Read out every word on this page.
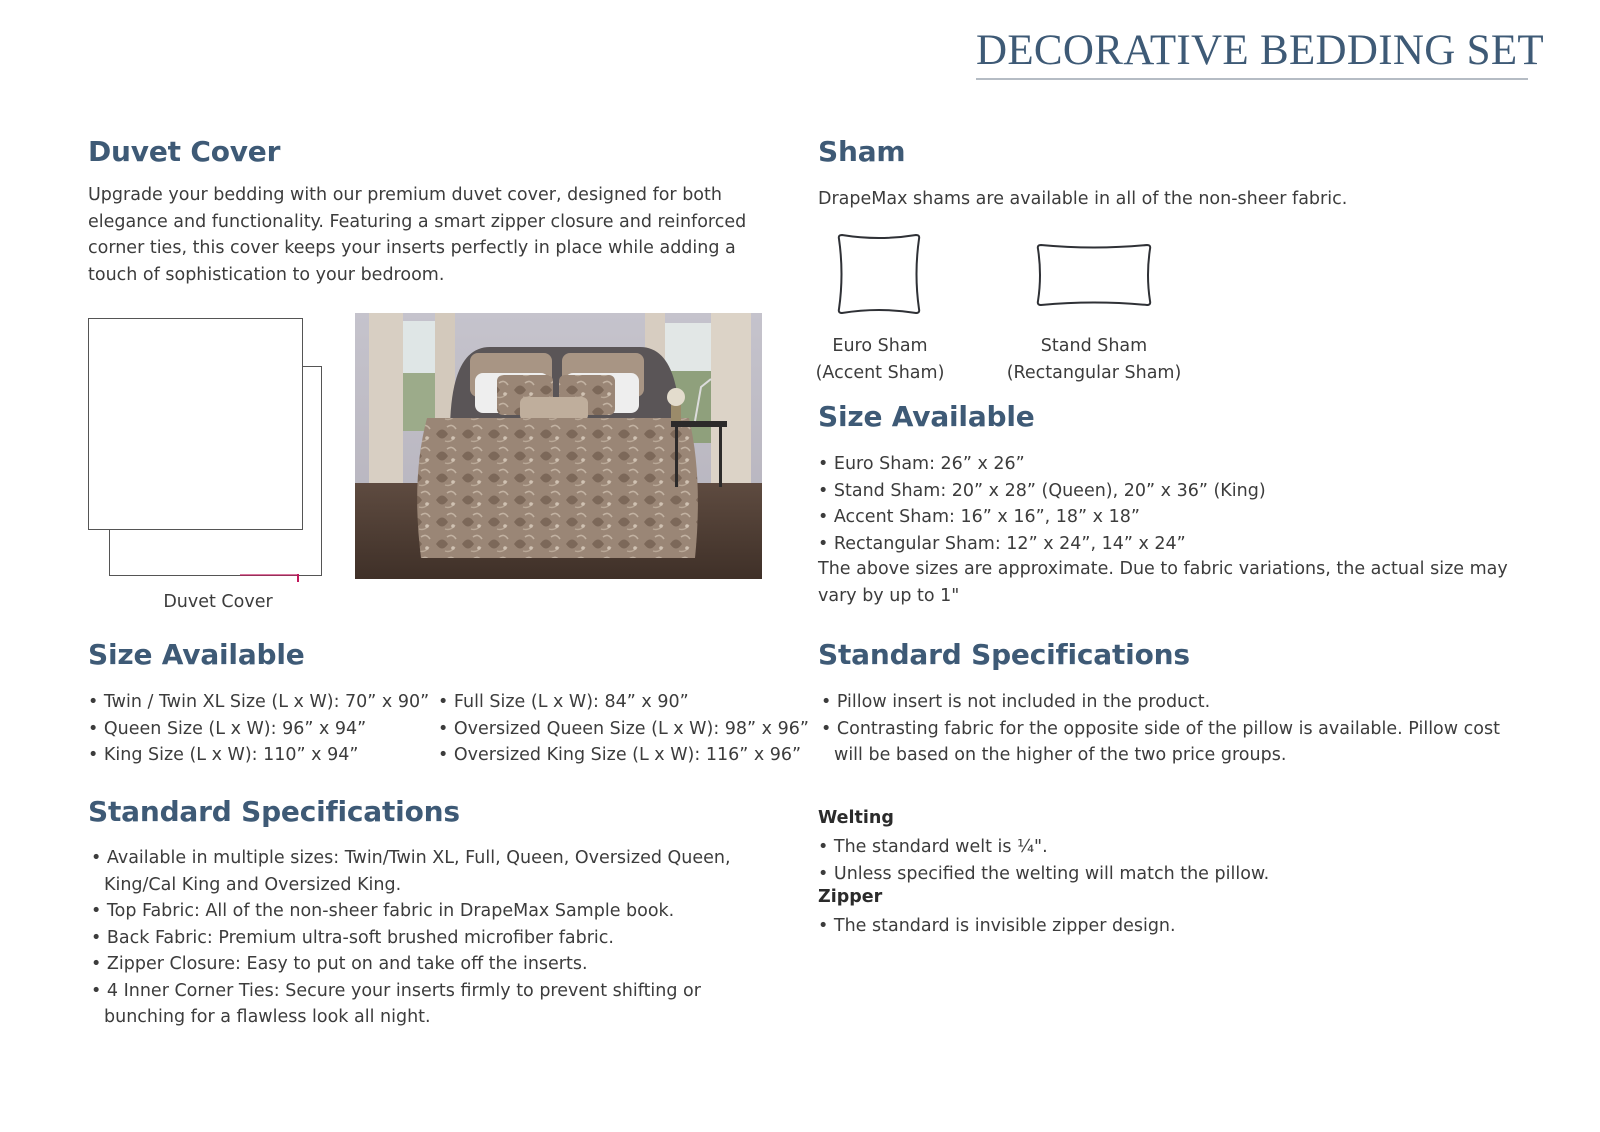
DECORATIVE BEDDING SET
Duvet Cover
Upgrade your bedding with our premium duvet cover, designed for both elegance and functionality. Featuring a smart zipper closure and reinforced corner ties, this cover keeps your inserts perfectly in place while adding a touch of sophistication to your bedroom.
Duvet Cover
Size Available
• Twin / Twin XL Size (L x W): 70” x 90”
• Queen Size (L x W): 96” x 94”
• King Size (L x W): 110” x 94”
• Full Size (L x W): 84” x 90”
• Oversized Queen Size (L x W): 98” x 96”
• Oversized King Size (L x W): 116” x 96”
Standard Specifications
• Available in multiple sizes: Twin/Twin XL, Full, Queen, Oversized Queen, King/Cal King and Oversized King.
• Top Fabric: All of the non-sheer fabric in DrapeMax Sample book.
• Back Fabric: Premium ultra-soft brushed microfiber fabric.
• Zipper Closure: Easy to put on and take off the inserts.
• 4 Inner Corner Ties: Secure your inserts firmly to prevent shifting or bunching for a flawless look all night.
Sham
DrapeMax shams are available in all of the non-sheer fabric.
Euro Sham
(Accent Sham)
Stand Sham
(Rectangular Sham)
Size Available
• Euro Sham: 26” x 26”
• Stand Sham: 20” x 28” (Queen), 20” x 36” (King)
• Accent Sham: 16” x 16”, 18” x 18”
• Rectangular Sham: 12” x 24”, 14” x 24”
The above sizes are approximate. Due to fabric variations, the actual size may vary by up to 1"
Standard Specifications
• Pillow insert is not included in the product.
• Contrasting fabric for the opposite side of the pillow is available. Pillow cost will be based on the higher of the two price groups.
Welting
• The standard welt is ¼".
• Unless specified the welting will match the pillow.
Zipper
• The standard is invisible zipper design.
